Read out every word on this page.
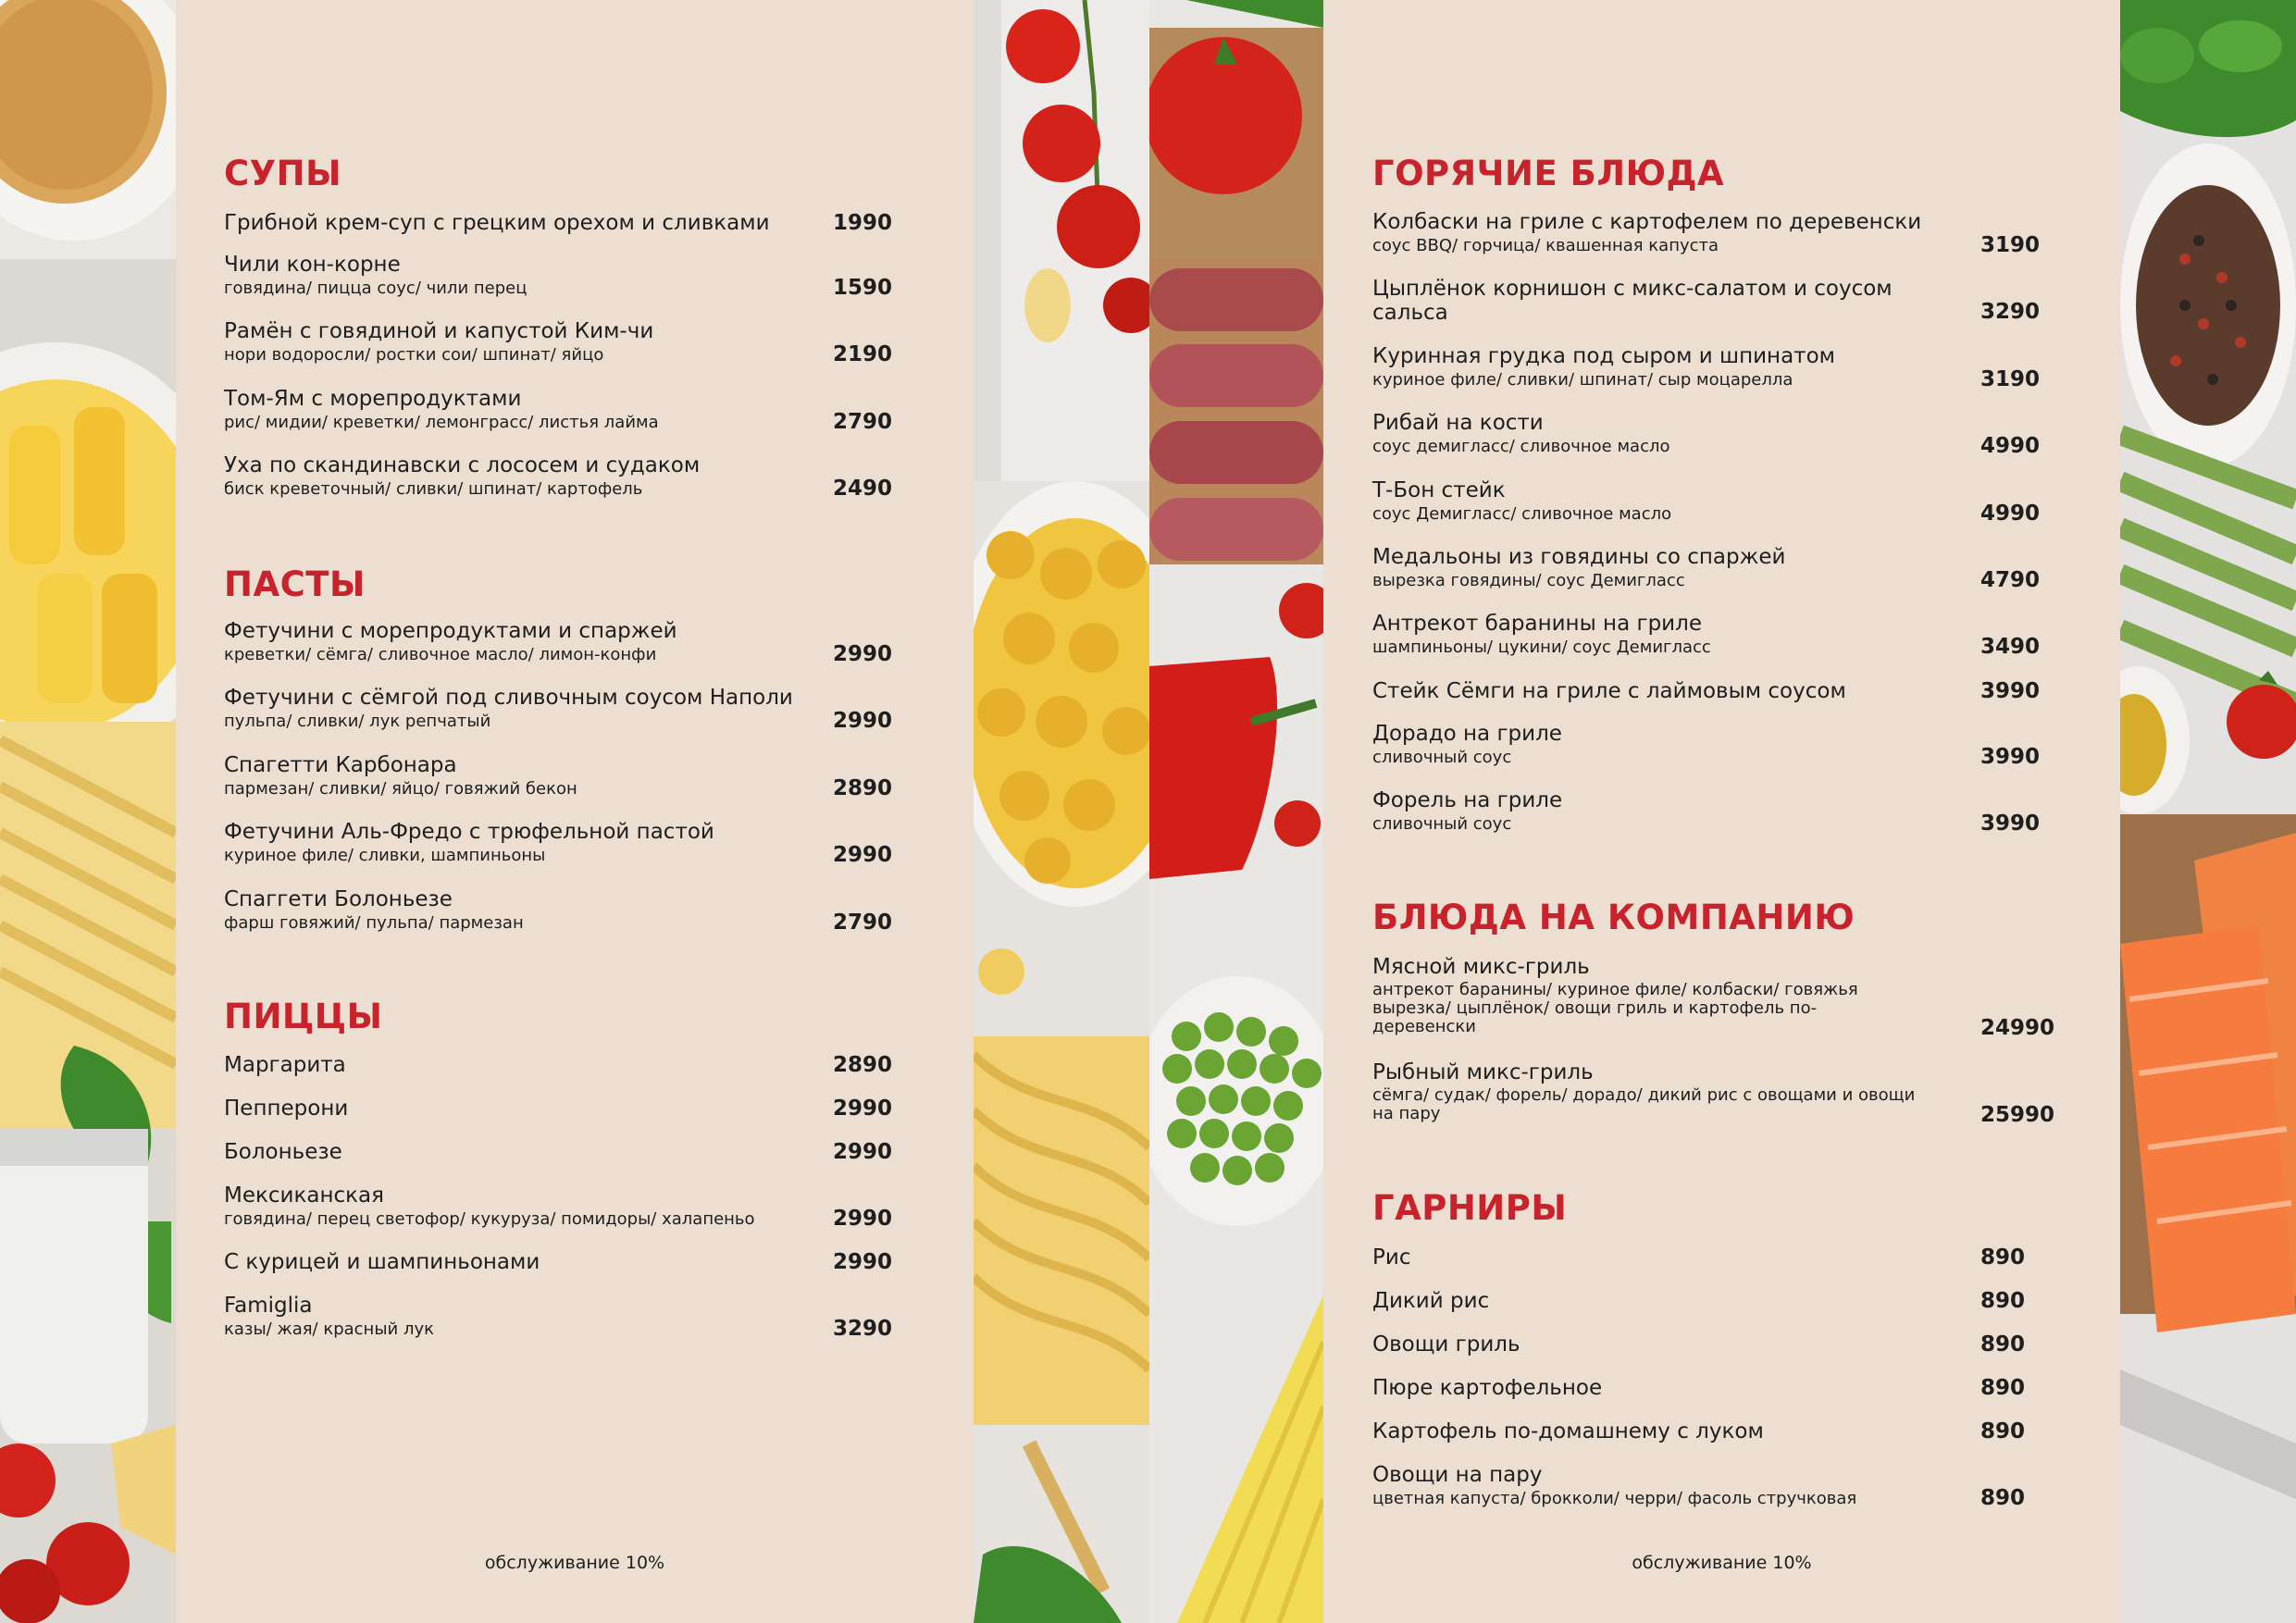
СУПЫ
Грибной крем-суп с грецким орехом и сливками	1990
Чили кон-корне
говядина/ пицца соус/ чили перец	1590
Рамён с говядиной и капустой Ким-чи
нори водоросли/ ростки сои/ шпинат/ яйцо	2190
Том-Ям с морепродуктами
рис/ мидии/ креветки/ лемонграсс/ листья лайма	2790
Уха по скандинавски с лососем и судаком
биск креветочный/ сливки/ шпинат/ картофель	2490
ПАСТЫ
Фетучини с морепродуктами и спаржей
креветки/ сёмга/ сливочное масло/ лимон-конфи	2990
Фетучини с сёмгой под сливочным соусом Наполи
пульпа/ сливки/ лук репчатый	2990
Спагетти Карбонара
пармезан/ сливки/ яйцо/ говяжий бекон	2890
Фетучини Аль-Фредо с трюфельной пастой
куриное филе/ сливки, шампиньоны	2990
Спаггети Болоньезе
фарш говяжий/ пульпа/ пармезан	2790
ПИЦЦЫ
Маргарита	2890
Пепперони	2990
Болоньезе	2990
Мексиканская
говядина/ перец светофор/ кукуруза/ помидоры/ халапеньо	2990
С курицей и шампиньонами	2990
Famiglia
казы/ жая/ красный лук	3290
обслуживание 10%
ГОРЯЧИЕ БЛЮДА
Колбаски на гриле с картофелем по деревенски
соус BBQ/ горчица/ квашенная капуста	3190
Цыплёнок корнишон с микс-салатом и соусом
сальса	3290
Куринная грудка под сыром и шпинатом
куриное филе/ сливки/ шпинат/ сыр моцарелла	3190
Рибай на кости
соус демигласс/ сливочное масло	4990
Т-Бон стейк
соус Демигласс/ сливочное масло	4990
Медальоны из говядины со спаржей
вырезка говядины/ соус Демигласс	4790
Антрекот баранины на гриле
шампиньоны/ цукини/ соус Демигласс	3490
Стейк Сёмги на гриле с лаймовым соусом	3990
Дорадо на гриле
сливочный соус	3990
Форель на гриле
сливочный соус	3990
БЛЮДА НА КОМПАНИЮ
Мясной микс-гриль
антрекот баранины/ куриное филе/ колбаски/ говяжья вырезка/ цыплёнок/ овощи гриль и картофель по-деревенски	24990
Рыбный микс-гриль
сёмга/ судак/ форель/ дорадо/ дикий рис с овощами и овощи на пару	25990
ГАРНИРЫ
Рис	890
Дикий рис	890
Овощи гриль	890
Пюре картофельное	890
Картофель по-домашнему с луком	890
Овощи на пару
цветная капуста/ брокколи/ черри/ фасоль стручковая	890
обслуживание 10%
